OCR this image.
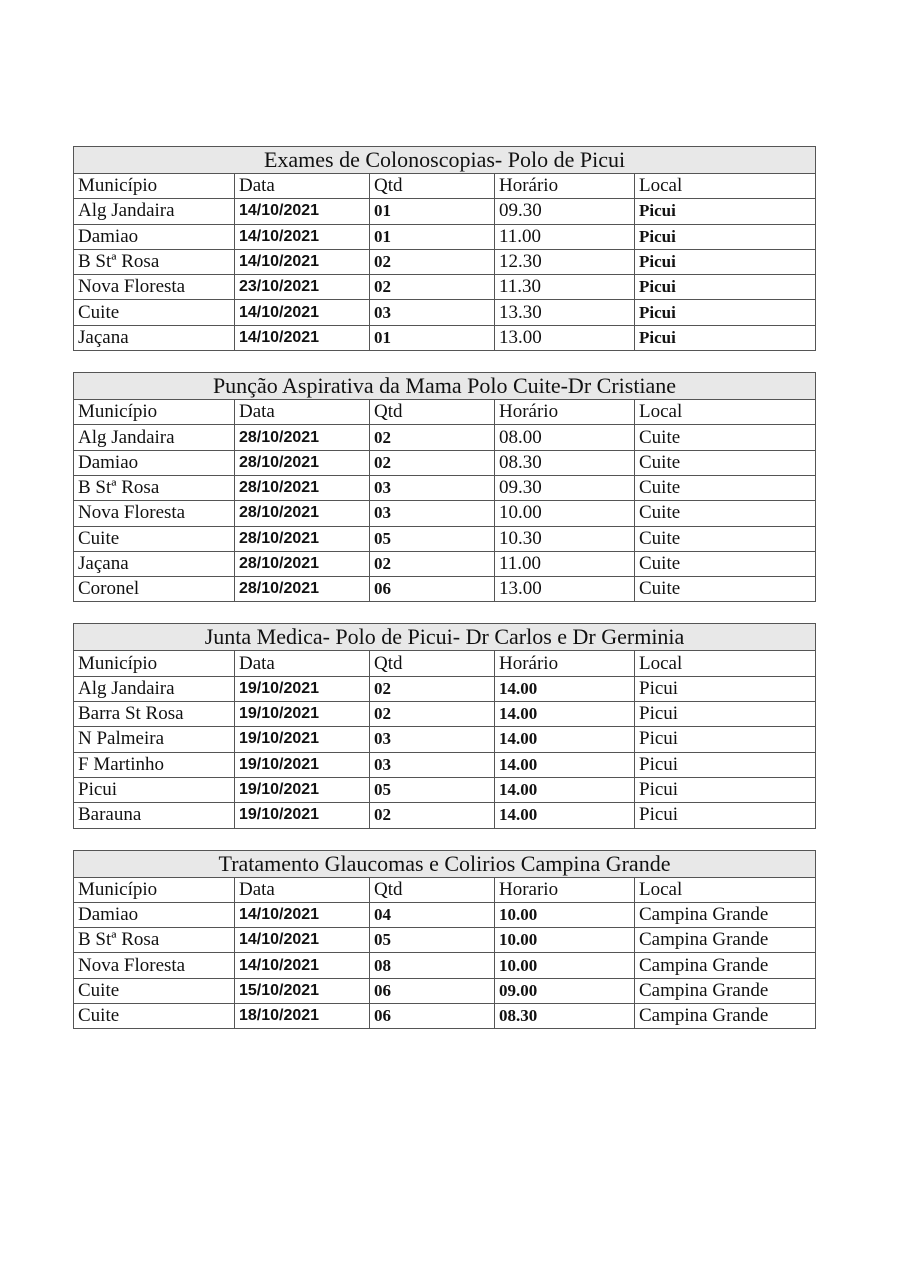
Exames de Colonoscopias- Polo de Picui				
Município	Data	Qtd	Horário	Local
Alg Jandaira	14/10/2021	01	09.30	Picui
Damiao	14/10/2021	01	11.00	Picui
B Stª Rosa	14/10/2021	02	12.30	Picui
Nova Floresta	23/10/2021	02	11.30	Picui
Cuite	14/10/2021	03	13.30	Picui
Jaçana	14/10/2021	01	13.00	Picui
Punção Aspirativa da Mama Polo Cuite-Dr Cristiane				
Município	Data	Qtd	Horário	Local
Alg Jandaira	28/10/2021	02	08.00	Cuite
Damiao	28/10/2021	02	08.30	Cuite
B Stª Rosa	28/10/2021	03	09.30	Cuite
Nova Floresta	28/10/2021	03	10.00	Cuite
Cuite	28/10/2021	05	10.30	Cuite
Jaçana	28/10/2021	02	11.00	Cuite
Coronel	28/10/2021	06	13.00	Cuite
Junta Medica- Polo de Picui- Dr Carlos e Dr Germinia				
Município	Data	Qtd	Horário	Local
Alg Jandaira	19/10/2021	02	14.00	Picui
Barra St Rosa	19/10/2021	02	14.00	Picui
N Palmeira	19/10/2021	03	14.00	Picui
F Martinho	19/10/2021	03	14.00	Picui
Picui	19/10/2021	05	14.00	Picui
Barauna	19/10/2021	02	14.00	Picui
Tratamento Glaucomas e Colirios Campina Grande				
Município	Data	Qtd	Horario	Local
Damiao	14/10/2021	04	10.00	Campina Grande
B Stª Rosa	14/10/2021	05	10.00	Campina Grande
Nova Floresta	14/10/2021	08	10.00	Campina Grande
Cuite	15/10/2021	06	09.00	Campina Grande
Cuite	18/10/2021	06	08.30	Campina Grande
